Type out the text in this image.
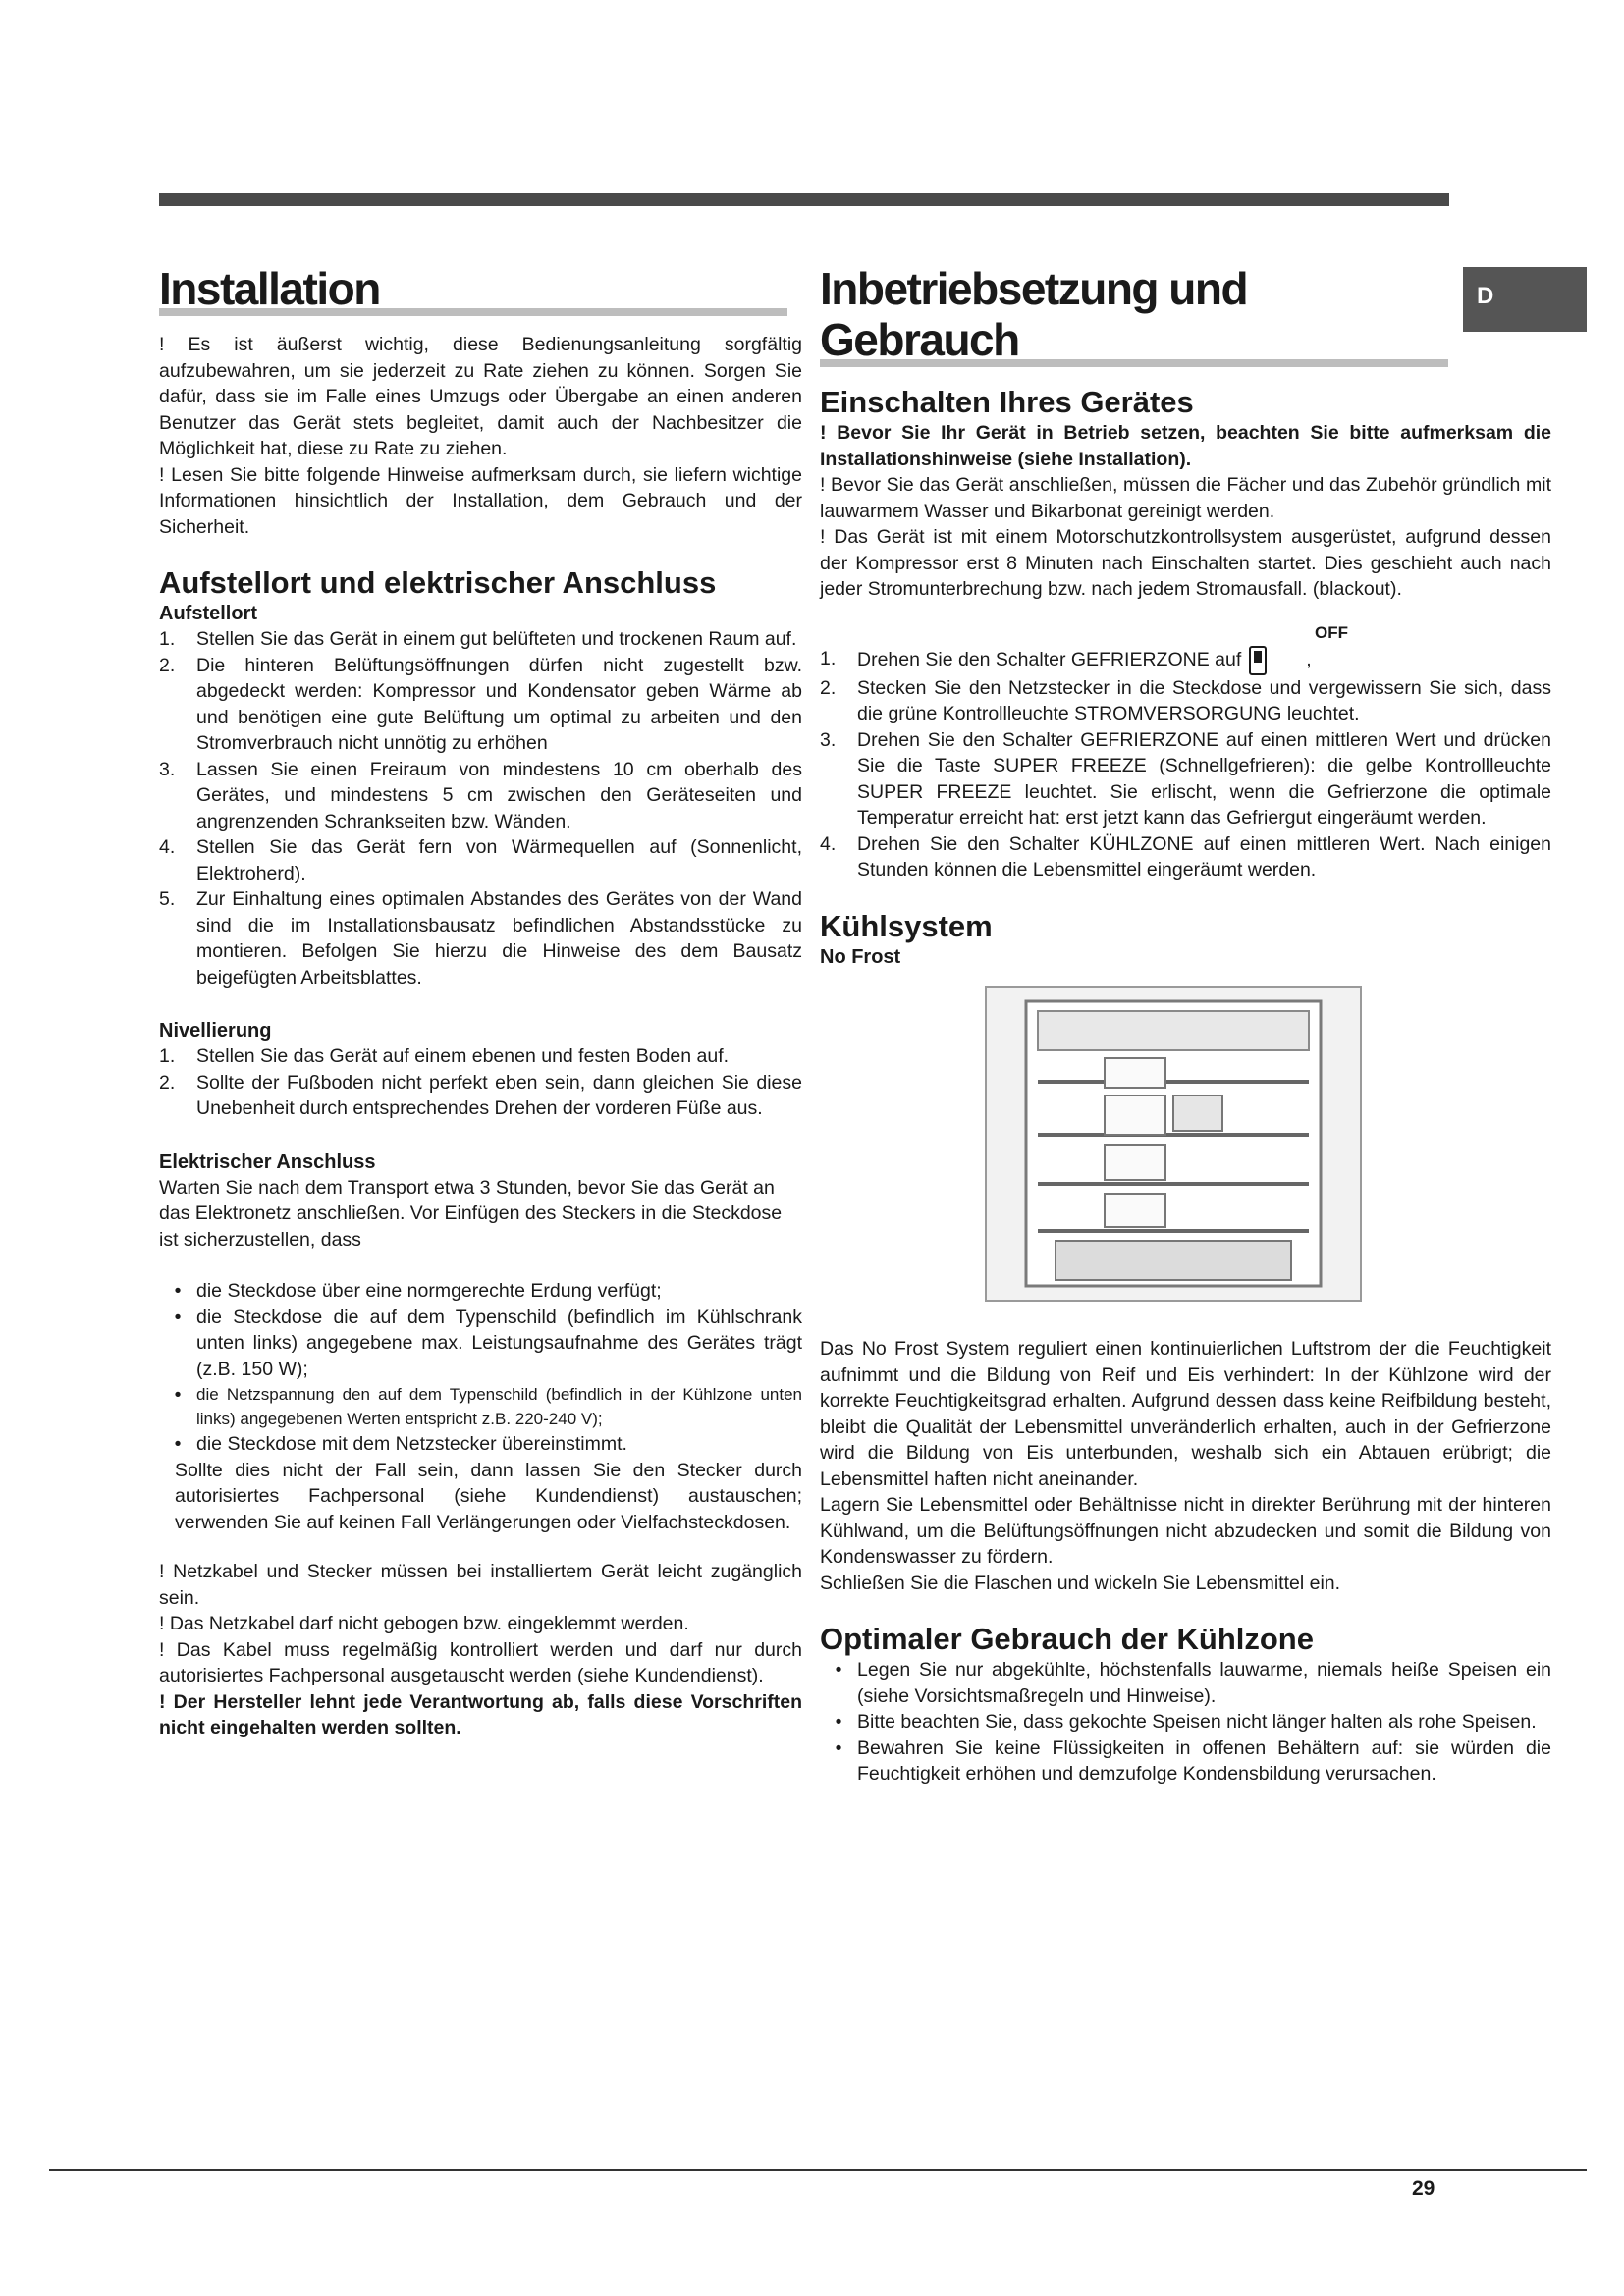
D
Installation

! Es ist äußerst wichtig, diese Bedienungsanleitung sorgfältig aufzubewahren, um sie jederzeit zu Rate ziehen zu können. Sorgen Sie dafür, dass sie im Falle eines Umzugs oder Übergabe an einen anderen Benutzer das Gerät stets begleitet, damit auch der Nachbesitzer die Möglichkeit hat, diese zu Rate zu ziehen.

! Lesen Sie bitte folgende Hinweise aufmerksam durch, sie liefern wichtige Informationen hinsichtlich der Installation, dem Gebrauch und der Sicherheit.

Aufstellort und elektrischer Anschluss
Aufstellort
1.	Stellen Sie das Gerät in einem gut belüfteten und trockenen Raum auf.
2.	Die hinteren Belüftungsöffnungen dürfen nicht zugestellt bzw. abgedeckt werden: Kompressor und Kondensator geben Wärme ab und benötigen eine gute Belüftung um optimal zu arbeiten und den Stromverbrauch nicht unnötig zu erhöhen
3.	Lassen Sie einen Freiraum von mindestens 10 cm oberhalb des Gerätes, und mindestens 5 cm zwischen den Geräteseiten und angrenzenden Schrankseiten bzw. Wänden.
4.	Stellen Sie das Gerät fern von Wärmequellen auf (Sonnenlicht, Elektroherd).
5.	Zur Einhaltung eines optimalen Abstandes des Gerätes von der Wand sind die im Installationsbausatz befindlichen Abstandsstücke zu montieren. Befolgen Sie hierzu die Hinweise des dem Bausatz beigefügten Arbeitsblattes.
Nivellierung
1.	Stellen Sie das Gerät auf einem ebenen und festen Boden auf.
2.	Sollte der Fußboden nicht perfekt eben sein, dann gleichen Sie diese Unebenheit durch entsprechendes Drehen der vorderen Füße aus.
Elektrischer Anschluss

Warten Sie nach dem Transport etwa 3 Stunden, bevor Sie das Gerät an das Elektronetz anschließen. Vor Einfügen des Steckers in die Steckdose ist sicherzustellen, dass

• die Steckdose über eine normgerechte Erdung verfügt;
• die Steckdose die auf dem Typenschild (befindlich im Kühlschrank unten links) angegebene max. Leistungsaufnahme des Gerätes trägt (z.B. 150 W);
• die Netzspannung den auf dem Typenschild (befindlich in der Kühlzone unten links) angegebenen Werten entspricht z.B. 220-240 V);
• die Steckdose mit dem Netzstecker übereinstimmt.

Sollte dies nicht der Fall sein, dann lassen Sie den Stecker durch autorisiertes Fachpersonal (siehe Kundendienst) austauschen; verwenden Sie auf keinen Fall Verlängerungen oder Vielfachsteckdosen.

! Netzkabel und Stecker müssen bei installiertem Gerät leicht zugänglich sein.

! Das Netzkabel darf nicht gebogen bzw. eingeklemmt werden.

! Das Kabel muss regelmäßig kontrolliert werden und darf nur durch autorisiertes Fachpersonal ausgetauscht werden (siehe Kundendienst).

! Der Hersteller lehnt jede Verantwortung ab, falls diese Vorschriften nicht eingehalten werden sollten.

Inbetriebsetzung und
Gebrauch
Einschalten Ihres Gerätes

! Bevor Sie Ihr Gerät in Betrieb setzen, beachten Sie bitte aufmerksam die Installationshinweise (siehe Installation).

! Bevor Sie das Gerät anschließen, müssen die Fächer und das Zubehör gründlich mit lauwarmem Wasser und Bikarbonat gereinigt werden.

! Das Gerät ist mit einem Motorschutzkontrollsystem ausgerüstet, aufgrund dessen der Kompressor erst 8 Minuten nach Einschalten startet. Dies geschieht auch nach jeder Stromunterbrechung bzw. nach jedem Stromausfall. (blackout).

OFF
1.	Drehen Sie den Schalter GEFRIERZONE auf	,
2.	Stecken Sie den Netzstecker in die Steckdose und vergewissern Sie sich, dass die grüne Kontrollleuchte STROMVERSORGUNG leuchtet.
3.	Drehen Sie den Schalter GEFRIERZONE auf einen mittleren Wert und drücken Sie die Taste SUPER FREEZE (Schnellgefrieren): die gelbe Kontrollleuchte SUPER FREEZE leuchtet. Sie erlischt, wenn die Gefrierzone die optimale Temperatur erreicht hat: erst jetzt kann das Gefriergut eingeräumt werden.
4.	Drehen Sie den Schalter KÜHLZONE auf einen mittleren Wert. Nach einigen Stunden können die Lebensmittel eingeräumt werden.
Kühlsystem
No Frost

Das No Frost System reguliert einen kontinuierlichen Luftstrom der die Feuchtigkeit aufnimmt und die Bildung von Reif und Eis verhindert: In der Kühlzone wird der korrekte Feuchtigkeitsgrad erhalten. Aufgrund dessen dass keine Reifbildung besteht, bleibt die Qualität der Lebensmittel unveränderlich erhalten, auch in der Gefrierzone wird die Bildung von Eis unterbunden, weshalb sich ein Abtauen erübrigt; die Lebensmittel haften nicht aneinander.

Lagern Sie Lebensmittel oder Behältnisse nicht in direkter Berührung mit der hinteren Kühlwand, um die Belüftungsöffnungen nicht abzudecken und somit die Bildung von Kondenswasser zu fördern.

Schließen Sie die Flaschen und wickeln Sie Lebensmittel ein.

Optimaler Gebrauch der Kühlzone
• Legen Sie nur abgekühlte, höchstenfalls lauwarme, niemals heiße Speisen ein (siehe Vorsichtsmaßregeln und Hinweise).
• Bitte beachten Sie, dass gekochte Speisen nicht länger halten als rohe Speisen.
• Bewahren Sie keine Flüssigkeiten in offenen Behältern auf: sie würden die Feuchtigkeit erhöhen und demzufolge Kondensbildung verursachen.
29
